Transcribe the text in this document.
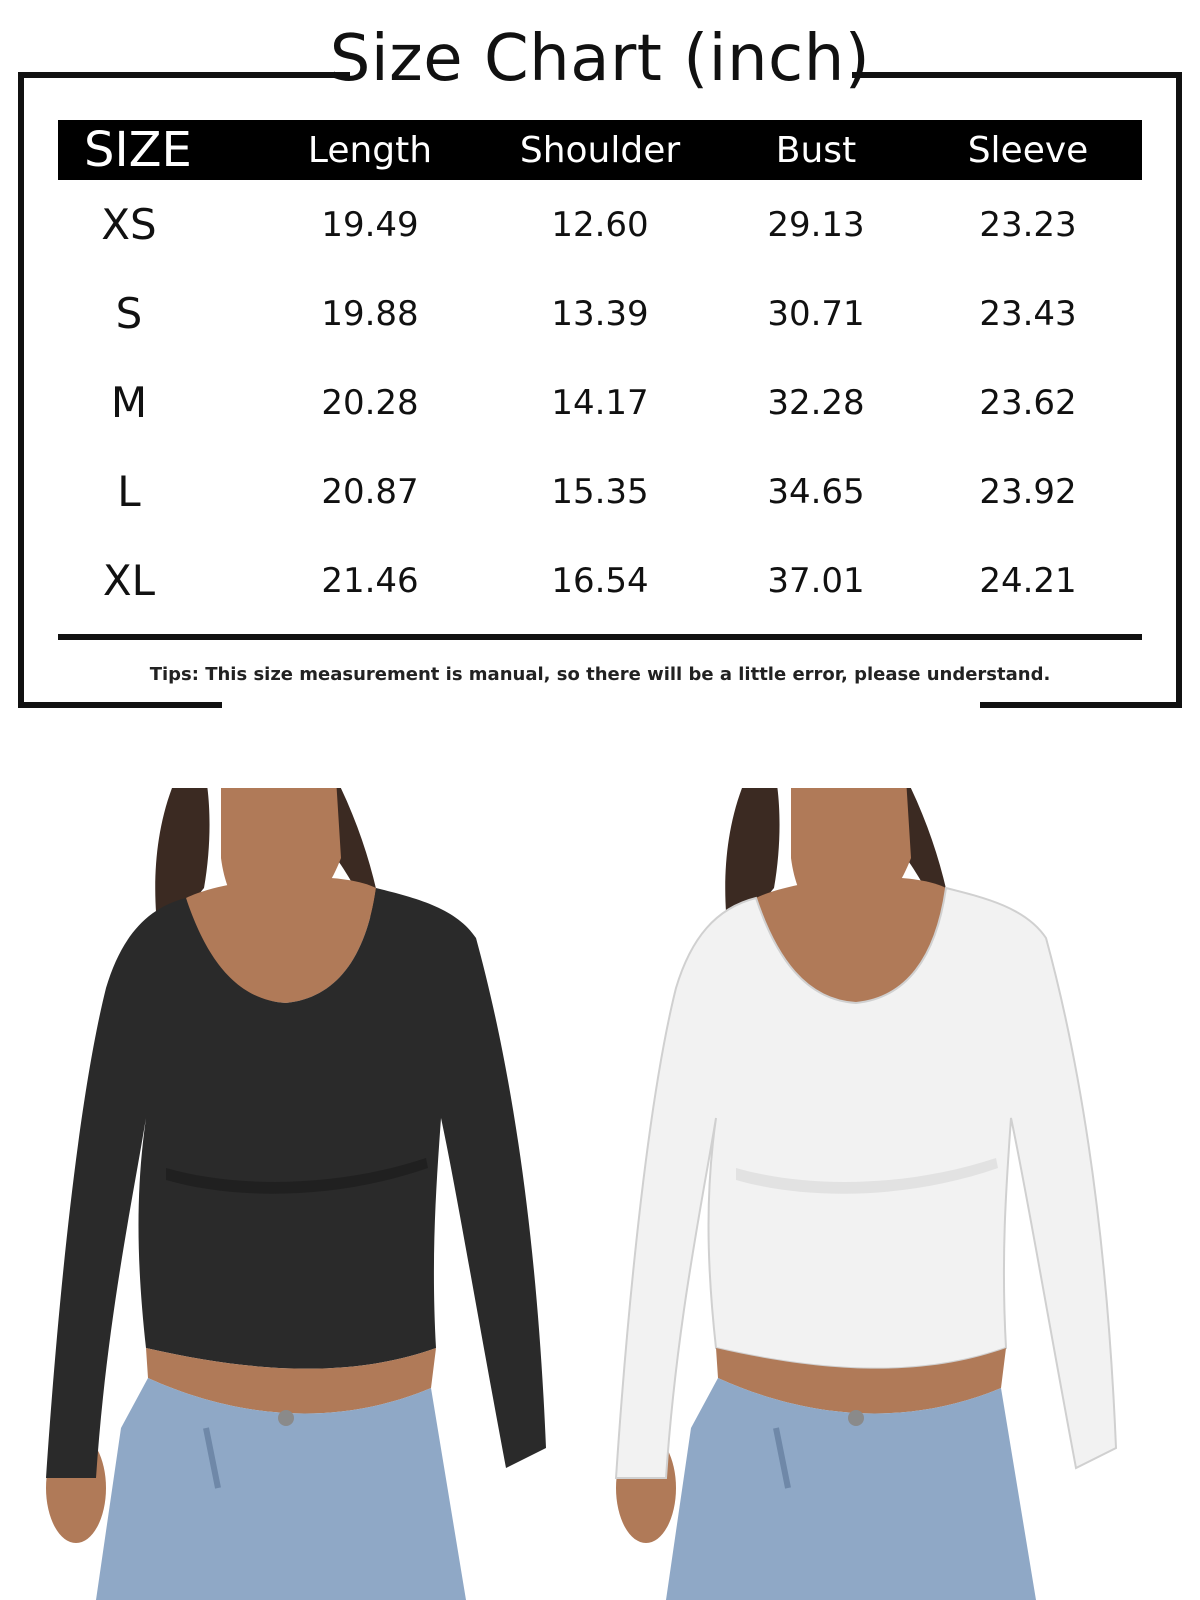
Size Chart (inch)
SIZE	Length	Shoulder	Bust	Sleeve
XS	19.49	12.60	29.13	23.23
S	19.88	13.39	30.71	23.43
M	20.28	14.17	32.28	23.62
L	20.87	15.35	34.65	23.92
XL	21.46	16.54	37.01	24.21
Tips: This size measurement is manual, so there will be a little error, please understand.
